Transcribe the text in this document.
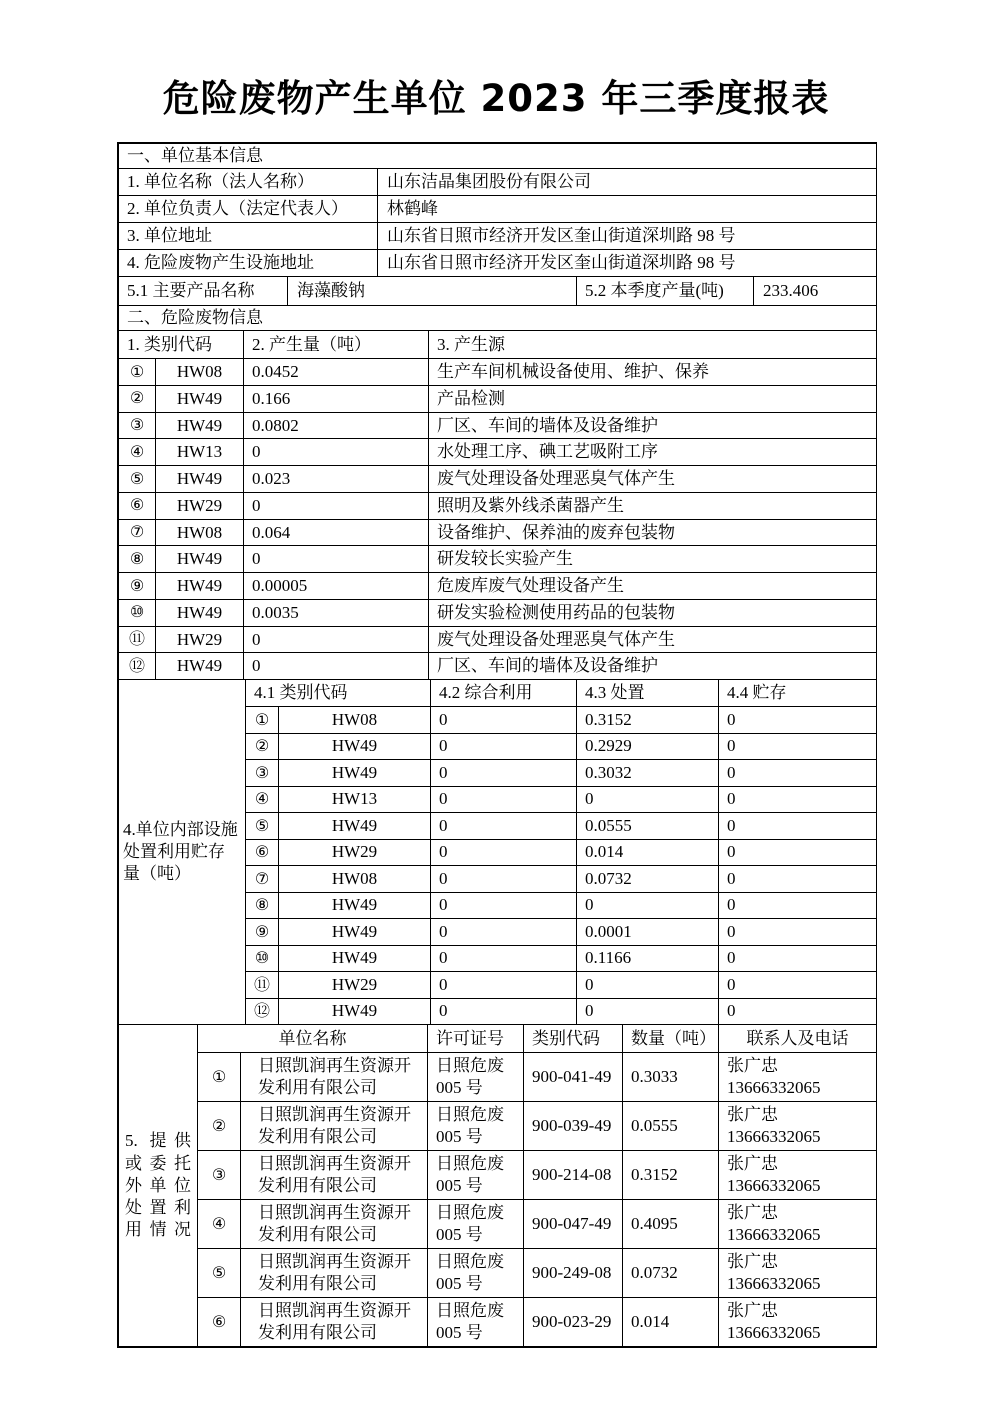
危险废物产生单位 2023 年三季度报表
一、单位基本信息				
1. 单位名称（法人名称）		山东洁晶集团股份有限公司		
2. 单位负责人（法定代表人）		林鹤峰		
3. 单位地址		山东省日照市经济开发区奎山街道深圳路 98 号		
4. 危险废物产生设施地址		山东省日照市经济开发区奎山街道深圳路 98 号		
5.1 主要产品名称	海藻酸钠		5.2 本季度产量(吨)	233.406
二、危险废物信息			
1. 类别代码		2. 产生量（吨）	3. 产生源
①	HW08	0.0452	生产车间机械设备使用、维护、保养
②	HW49	0.166	产品检测
③	HW49	0.0802	厂区、车间的墙体及设备维护
④	HW13	0	水处理工序、碘工艺吸附工序
⑤	HW49	0.023	废气处理设备处理恶臭气体产生
⑥	HW29	0	照明及紫外线杀菌器产生
⑦	HW08	0.064	设备维护、保养油的废弃包装物
⑧	HW49	0	研发较长实验产生
⑨	HW49	0.00005	危废库废气处理设备产生
⑩	HW49	0.0035	研发实验检测使用药品的包装物
⑪	HW29	0	废气处理设备处理恶臭气体产生
⑫	HW49	0	厂区、车间的墙体及设备维护
4.单位内部设施处置利用贮存量（吨）	4.1 类别代码		4.2 综合利用	4.3 处置	4.4 贮存
	①	HW08	0	0.3152	0
	②	HW49	0	0.2929	0
	③	HW49	0	0.3032	0
	④	HW13	0	0	0
	⑤	HW49	0	0.0555	0
	⑥	HW29	0	0.014	0
	⑦	HW08	0	0.0732	0
	⑧	HW49	0	0	0
	⑨	HW49	0	0.0001	0
	⑩	HW49	0	0.1166	0
	⑪	HW29	0	0	0
	⑫	HW49	0	0	0
5. 提供或委托外单位处置利用情况	单位名称		许可证号	类别代码	数量（吨）	联系人及电话
	①	日照凯润再生资源开发利用有限公司	日照危废005 号	900-041-49	0.3033	张广忠
13666332065

	②	日照凯润再生资源开发利用有限公司	日照危废005 号	900-039-49	0.0555	张广忠
13666332065

	③	日照凯润再生资源开发利用有限公司	日照危废005 号	900-214-08	0.3152	张广忠
13666332065

	④	日照凯润再生资源开发利用有限公司	日照危废005 号	900-047-49	0.4095	张广忠
13666332065

	⑤	日照凯润再生资源开发利用有限公司	日照危废005 号	900-249-08	0.0732	张广忠
13666332065

	⑥	日照凯润再生资源开发利用有限公司	日照危废005 号	900-023-29	0.014	张广忠
13666332065
